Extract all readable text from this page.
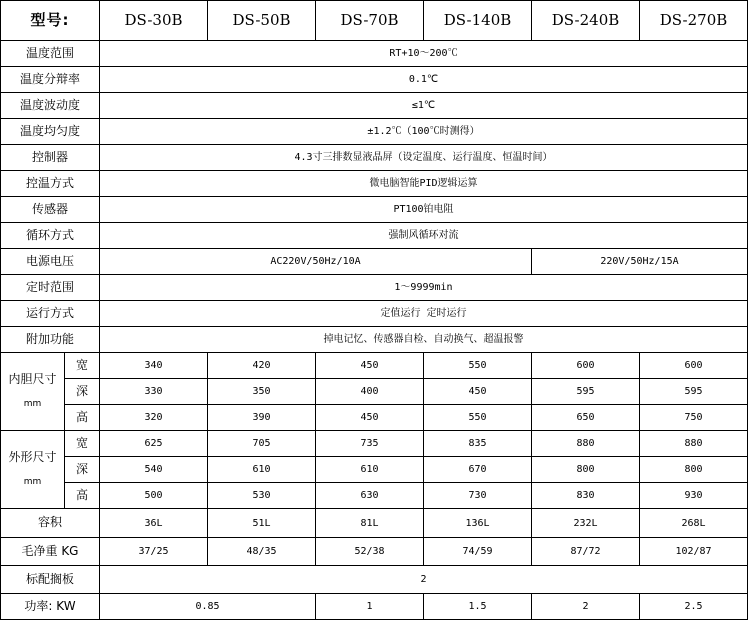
型号:		DS-30B	DS-50B	DS-70B	DS-140B	DS-240B	DS-270B
温度范围		RT+10～200℃					
温度分辩率		0.1℃					
温度波动度		≤1℃					
温度均匀度		±1.2℃（100℃时测得）					
控制器		4.3寸三排数显液晶屏（设定温度、运行温度、恒温时间）					
控温方式		微电脑智能PID逻辑运算					
传感器		PT100铂电阻					
循环方式		强制风循环对流					
电源电压		AC220V/50Hz/10A				220V/50Hz/15A	
定时范围		1～9999min					
运行方式		定值运行 定时运行					
附加功能		掉电记忆、传感器自检、自动换气、超温报警					
内胆尺寸
mm	宽	340	420	450	550	600	600
	深	330	350	400	450	595	595
	高	320	390	450	550	650	750
外形尺寸
mm	宽	625	705	735	835	880	880
	深	540	610	610	670	800	800
	高	500	530	630	730	830	930
容积		36L	51L	81L	136L	232L	268L
毛净重 KG		37/25	48/35	52/38	74/59	87/72	102/87
标配搁板		2					
功率: KW		0.85		1	1.5	2	2.5
